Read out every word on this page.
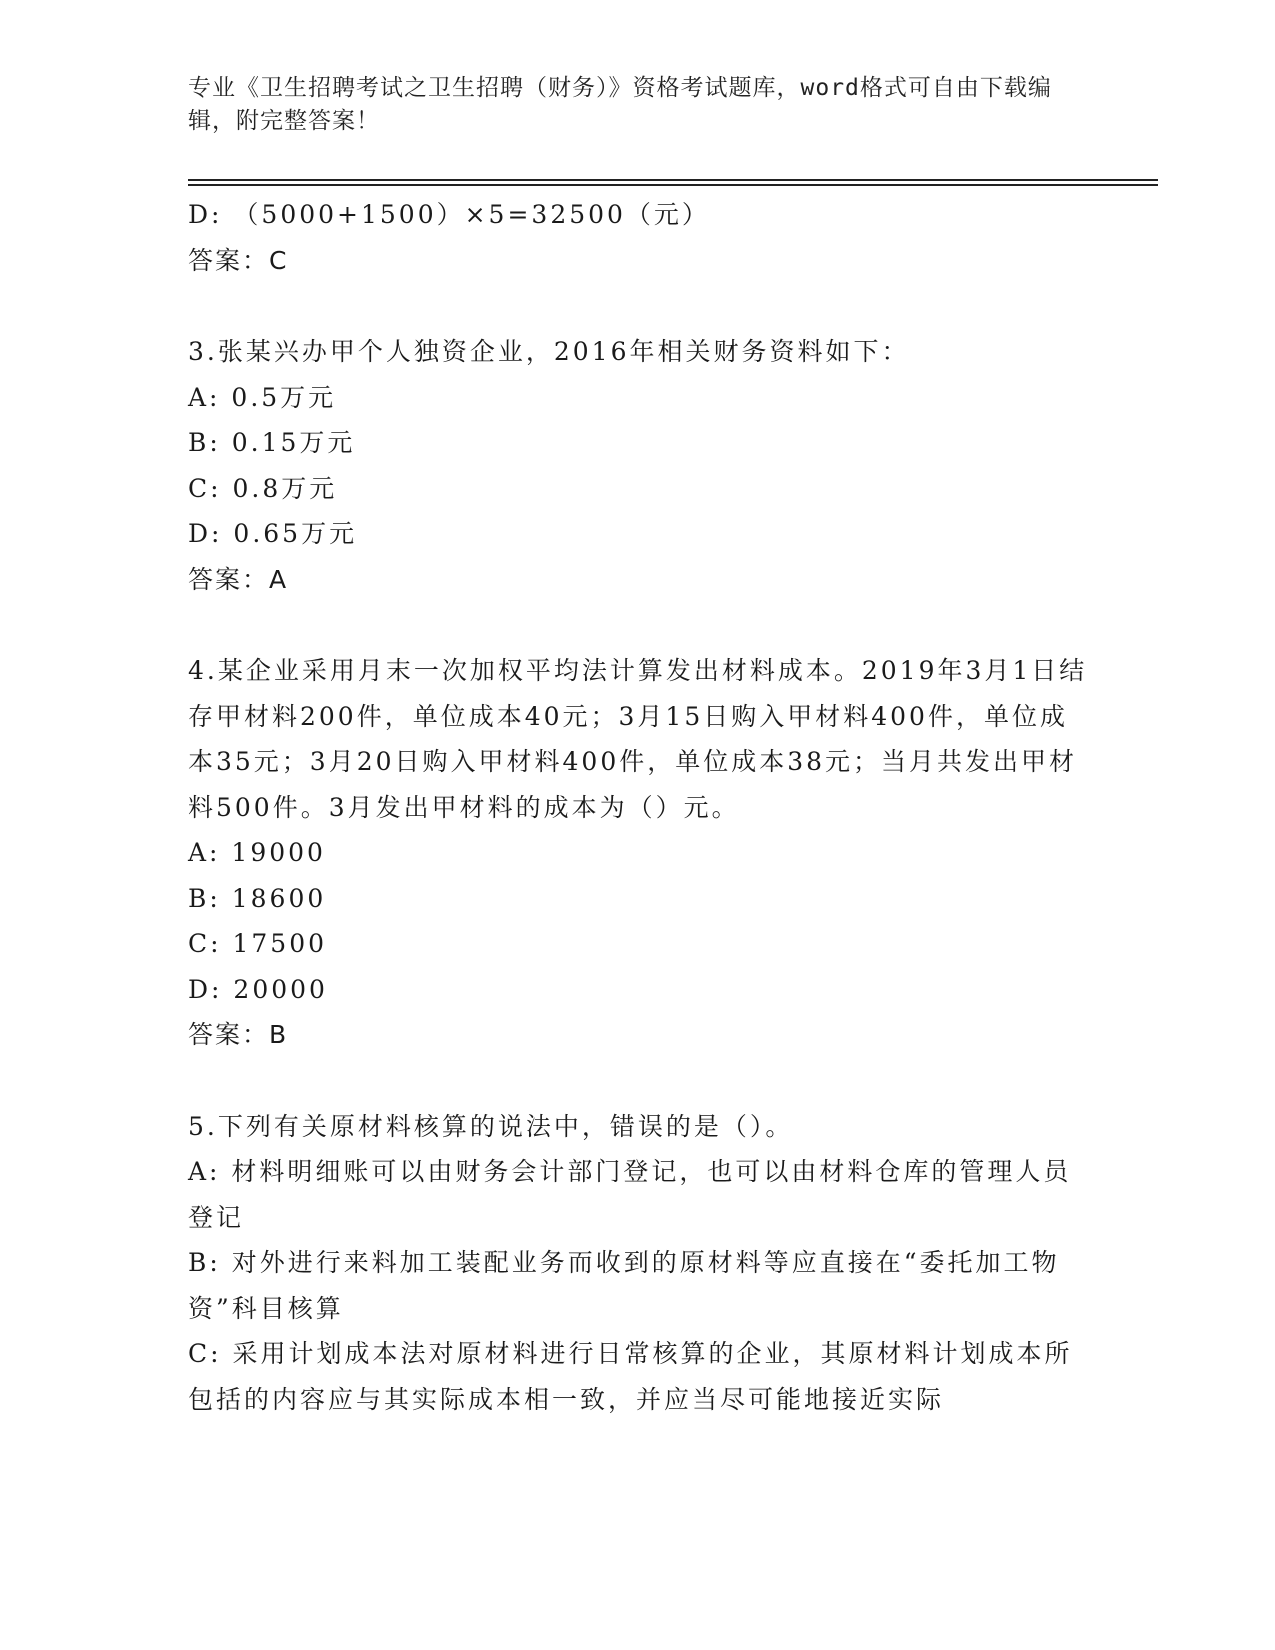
专业《卫生招聘考试之卫生招聘（财务）》资格考试题库，word格式可自由下载编辑，附完整答案！
D: （5000+1500）×5=32500（元）
答案：C
3.张某兴办甲个人独资企业，2016年相关财务资料如下：
A: 0.5万元
B: 0.15万元
C: 0.8万元
D: 0.65万元
答案：A
4.某企业采用月末一次加权平均法计算发出材料成本。2019年3月1日结存甲材料200件，单位成本40元；3月15日购入甲材料400件，单位成本35元；3月20日购入甲材料400件，单位成本38元；当月共发出甲材料500件。3月发出甲材料的成本为（）元。
A: 19000
B: 18600
C: 17500
D: 20000
答案：B
5.下列有关原材料核算的说法中，错误的是（）。
A: 材料明细账可以由财务会计部门登记，也可以由材料仓库的管理人员登记
B: 对外进行来料加工装配业务而收到的原材料等应直接在“委托加工物资”科目核算
C: 采用计划成本法对原材料进行日常核算的企业，其原材料计划成本所包括的内容应与其实际成本相一致，并应当尽可能地接近实际
